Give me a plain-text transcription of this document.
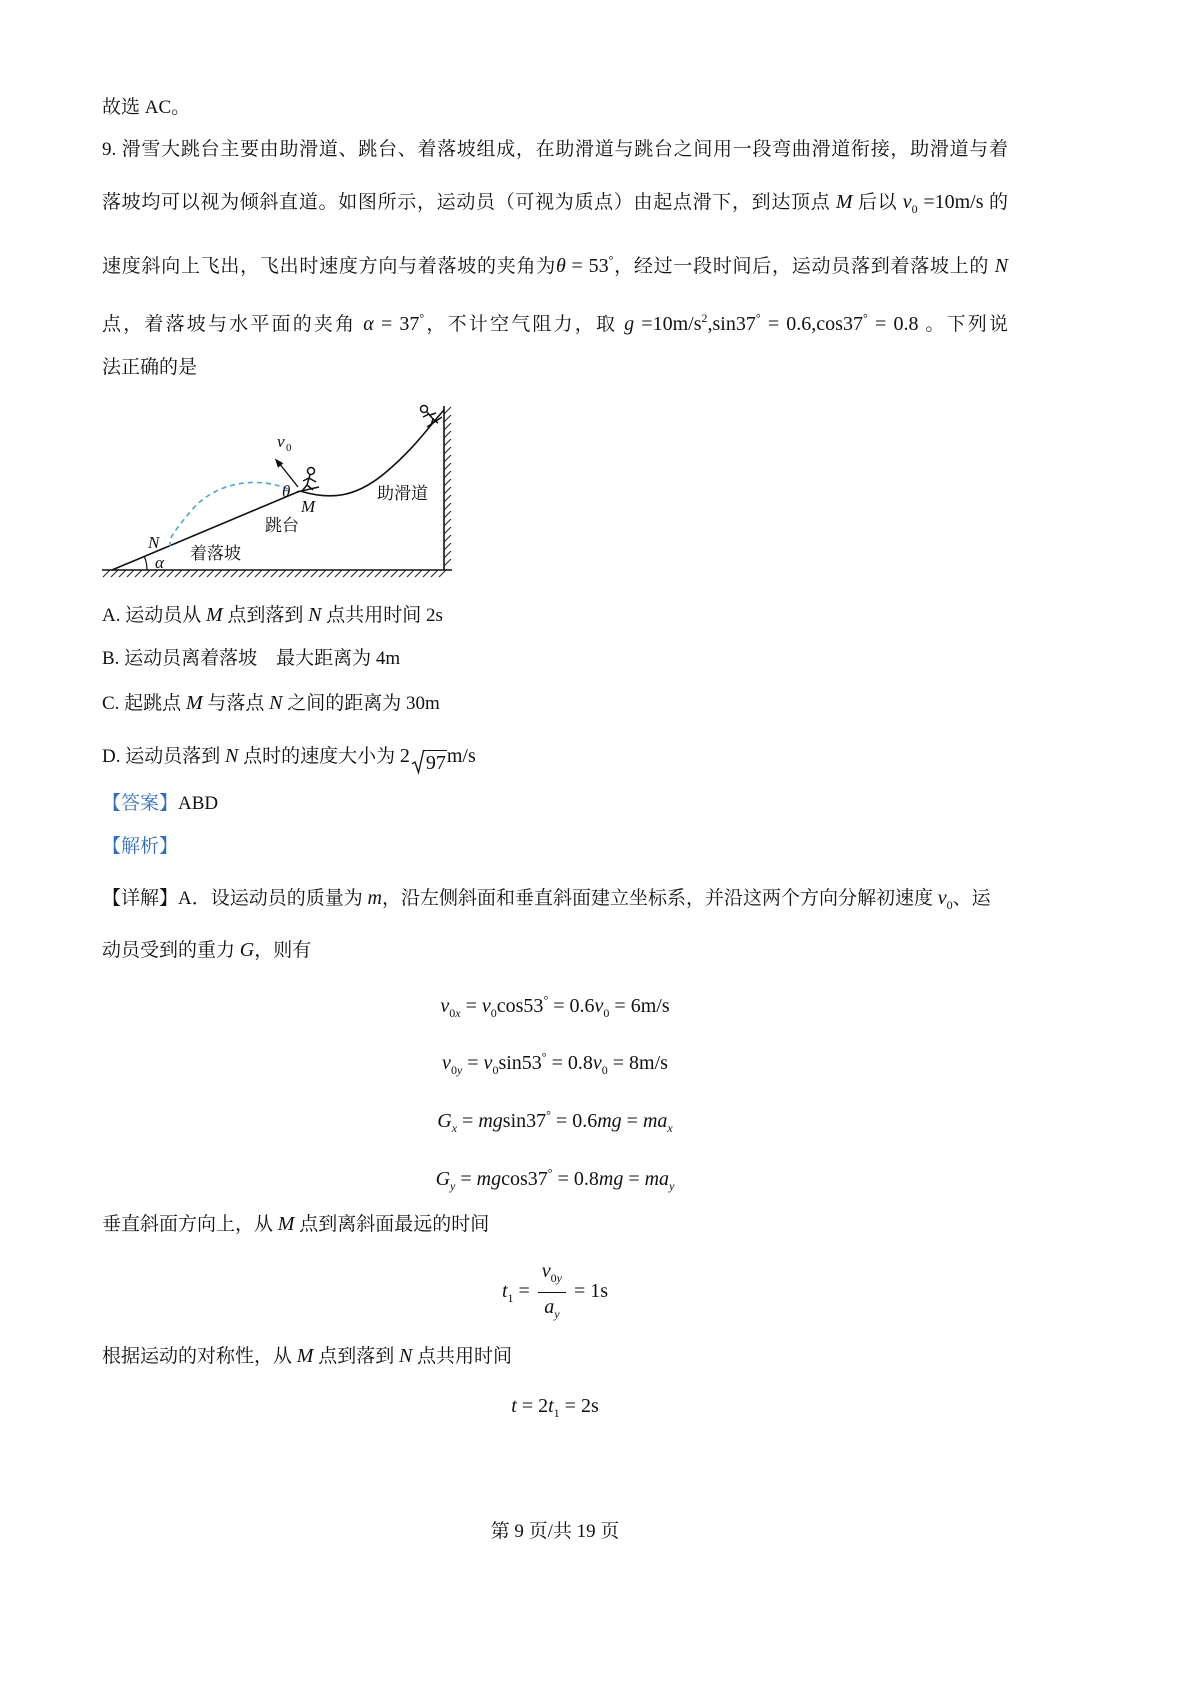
故选 AC。
9. 滑雪大跳台主要由助滑道、跳台、着落坡组成，在助滑道与跳台之间用一段弯曲滑道衔接，助滑道与着
落坡均可以视为倾斜直道。如图所示，运动员（可视为质点）由起点滑下，到达顶点 M 后以 $v_0 =10m/s$ 的
速度斜向上飞出，飞出时速度方向与着落坡的夹角为θ = 53°，经过一段时间后，运动员落到着落坡上的 N
点，着落坡与水平面的夹角 α = 37°，不计空气阻力，取 $g =10m/s^2,\sin 37^\circ = 0.6,\cos 37^\circ = 0.8$ 。下列说
法正确的是
v 0
θ
M
跳台
助滑道
N
着落坡
α
A. 运动员从 M 点到落到 N 点共用时间 2s
B. 运动员离着落坡　最大距离为 4m
C. 起跳点 M 与落点 N 之间的距离为 30m
D. 运动员落到 N 点时的速度大小为 2 97m/s
【答案】ABD
【解析】
【详解】A．设运动员的质量为 m，沿左侧斜面和垂直斜面建立坐标系，并沿这两个方向分解初速度 $v_0$、运
动员受到的重力 G，则有
$v_{0x} = v_0\cos 53^\circ = 0.6v_0 = 6m/s$
$v_{0y} = v_0\sin 53^\circ = 0.8v_0 = 8m/s$
$G_x = mgsin37^\circ = 0.6mg = ma_x$
$G_y = mgcos37^\circ = 0.8mg = ma_y$
垂直斜面方向上，从 M 点到离斜面最远的时间
$t_1 = \frac{v_{0y}}{a_y} = 1s$
根据运动的对称性，从 M 点到落到 N 点共用时间
$t = 2t_1 = 2s$
第 9 页/共 19 页
